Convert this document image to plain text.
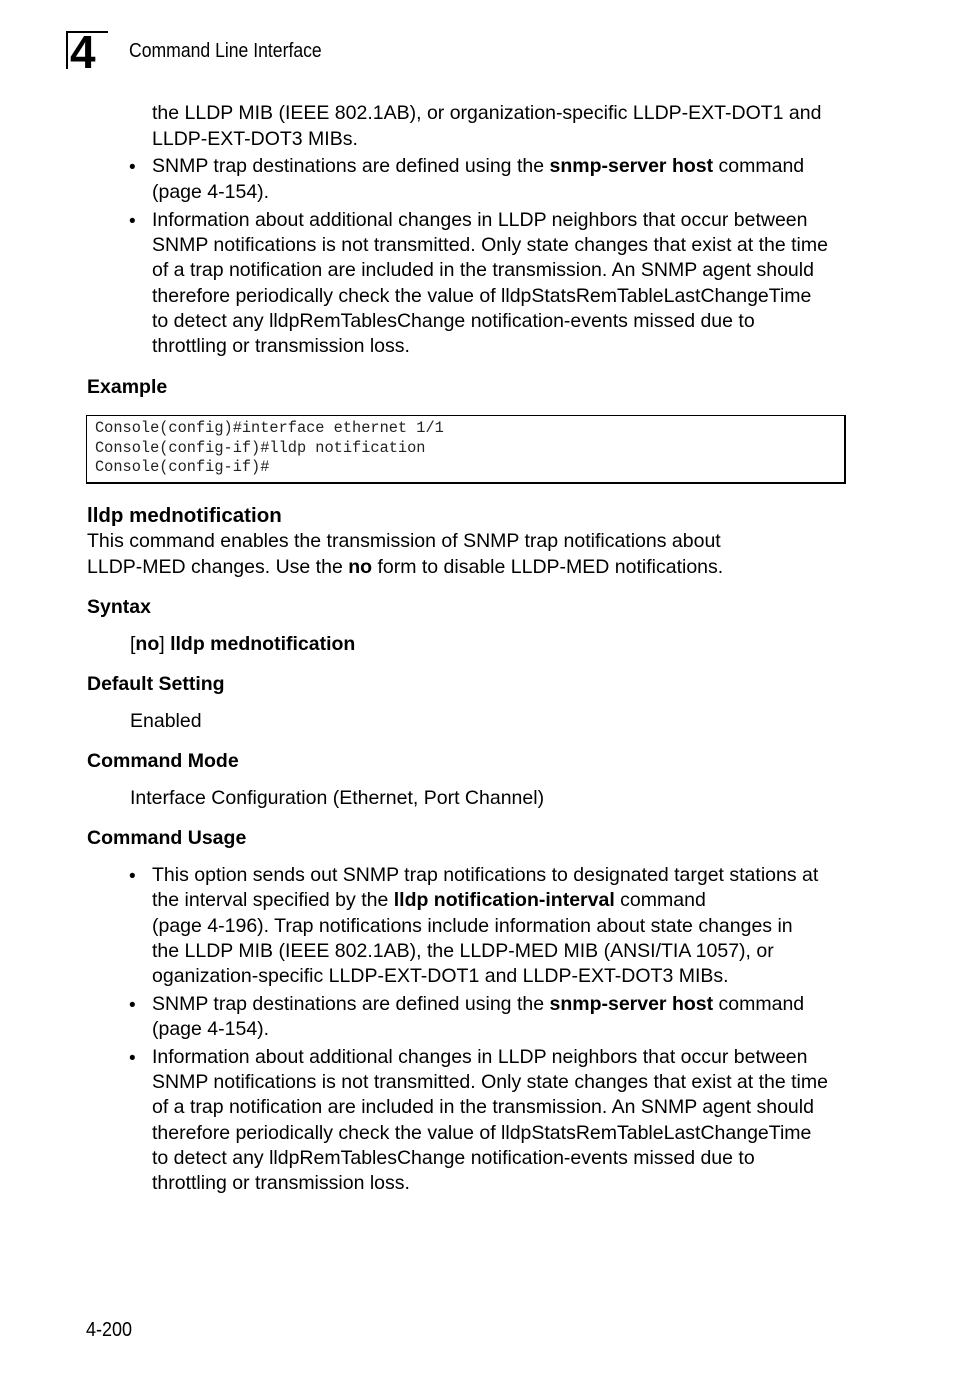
4 Command Line Interface
the LLDP MIB (IEEE 802.1AB), or organization-specific LLDP-EXT-DOT1 and
LLDP-EXT-DOT3 MIBs.
• SNMP trap destinations are defined using the snmp-server host command
(page 4-154).
• Information about additional changes in LLDP neighbors that occur between
SNMP notifications is not transmitted. Only state changes that exist at the time
of a trap notification are included in the transmission. An SNMP agent should
therefore periodically check the value of lldpStatsRemTableLastChangeTime
to detect any lldpRemTablesChange notification-events missed due to
throttling or transmission loss.
Example
Console(config)#interface ethernet 1/1
Console(config-if)#lldp notification
Console(config-if)#
lldp mednotification
This command enables the transmission of SNMP trap notifications about
LLDP-MED changes. Use the no form to disable LLDP-MED notifications.
Syntax
[no] lldp mednotification
Default Setting
Enabled
Command Mode
Interface Configuration (Ethernet, Port Channel)
Command Usage
• This option sends out SNMP trap notifications to designated target stations at
the interval specified by the lldp notification-interval command
(page 4-196). Trap notifications include information about state changes in
the LLDP MIB (IEEE 802.1AB), the LLDP-MED MIB (ANSI/TIA 1057), or
oganization-specific LLDP-EXT-DOT1 and LLDP-EXT-DOT3 MIBs.
• SNMP trap destinations are defined using the snmp-server host command
(page 4-154).
• Information about additional changes in LLDP neighbors that occur between
SNMP notifications is not transmitted. Only state changes that exist at the time
of a trap notification are included in the transmission. An SNMP agent should
therefore periodically check the value of lldpStatsRemTableLastChangeTime
to detect any lldpRemTablesChange notification-events missed due to
throttling or transmission loss.
4-200
